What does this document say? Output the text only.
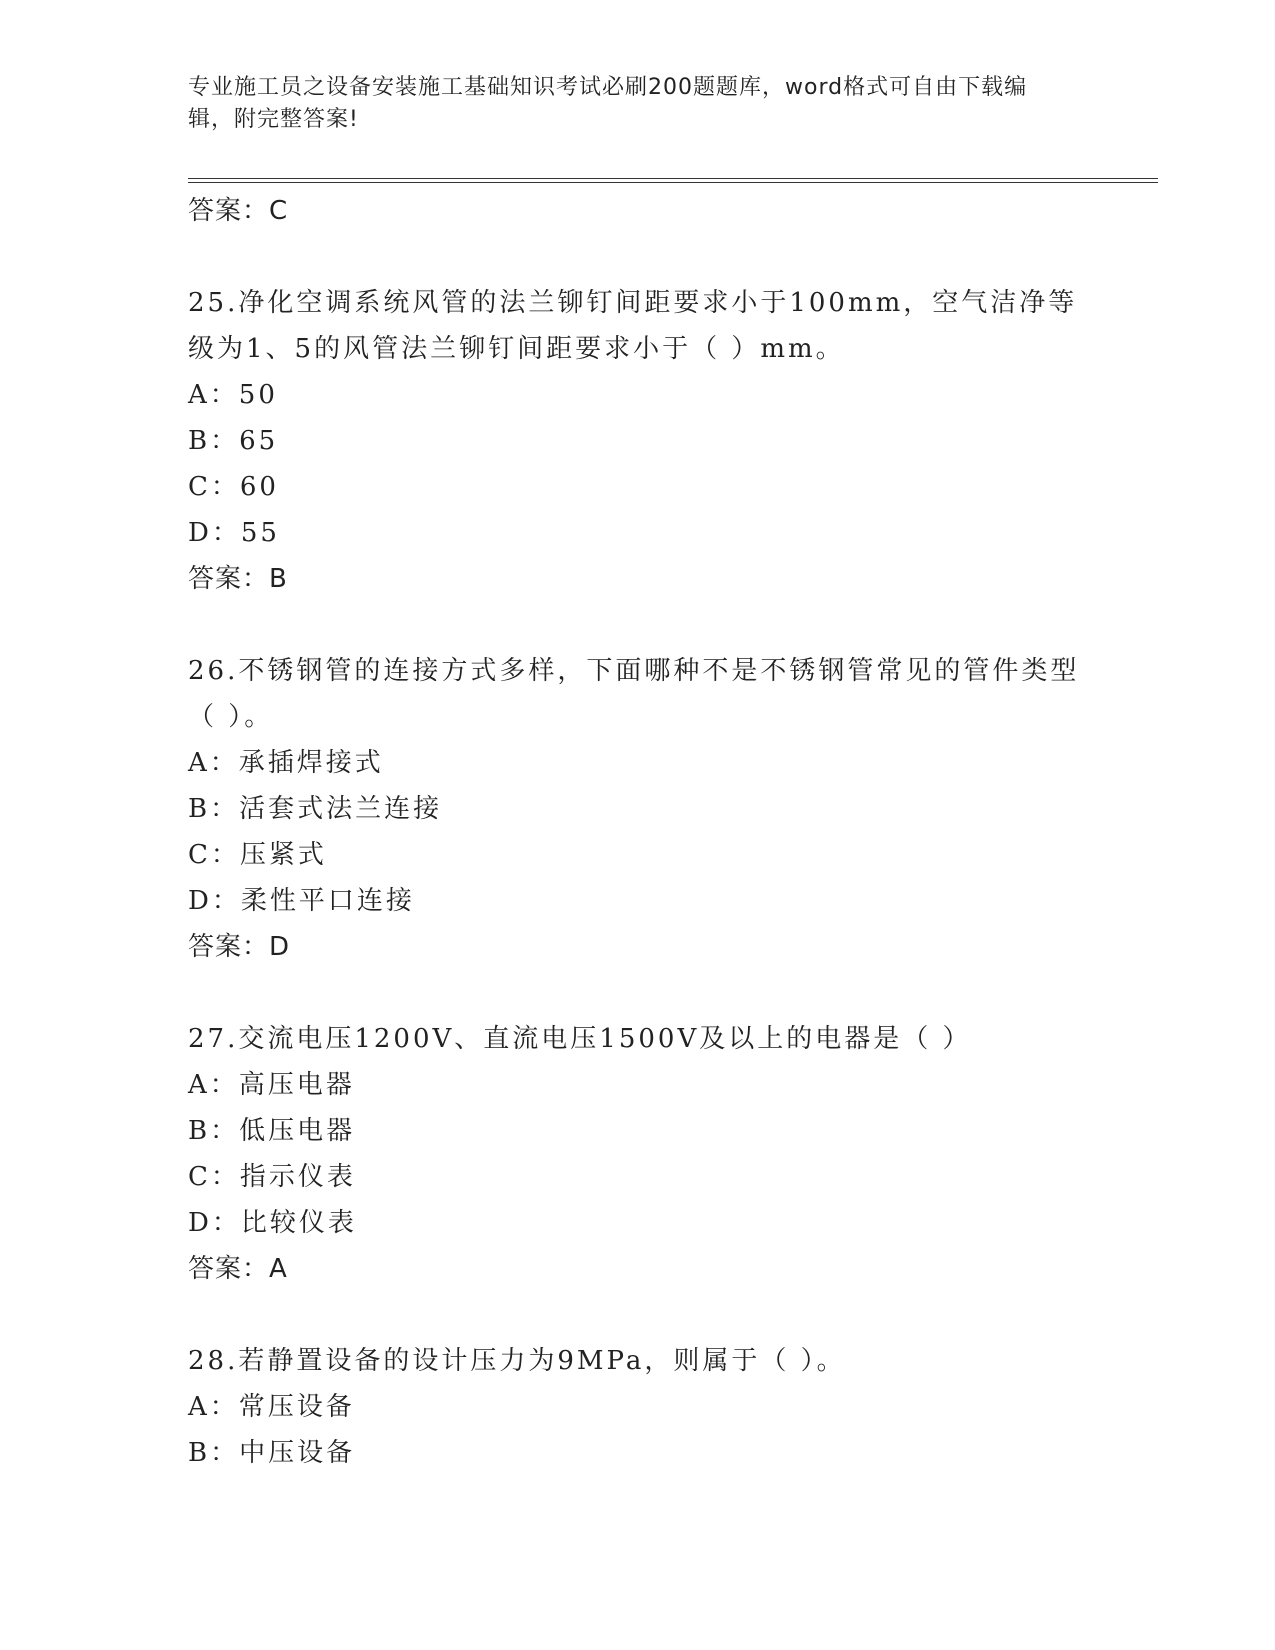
专业施工员之设备安装施工基础知识考试必刷200题题库，word格式可自由下载编辑，附完整答案!
答案：C
25.净化空调系统风管的法兰铆钉间距要求小于100mm，空气洁净等级为1、5的风管法兰铆钉间距要求小于（ ）mm。
A：50
B：65
C：60
D：55
答案：B
26.不锈钢管的连接方式多样，下面哪种不是不锈钢管常见的管件类型（ ）。
A：承插焊接式
B：活套式法兰连接
C：压紧式
D：柔性平口连接
答案：D
27.交流电压1200V、直流电压1500V及以上的电器是（ ）
A：高压电器
B：低压电器
C：指示仪表
D：比较仪表
答案：A
28.若静置设备的设计压力为9MPa，则属于（ ）。
A：常压设备
B：中压设备
